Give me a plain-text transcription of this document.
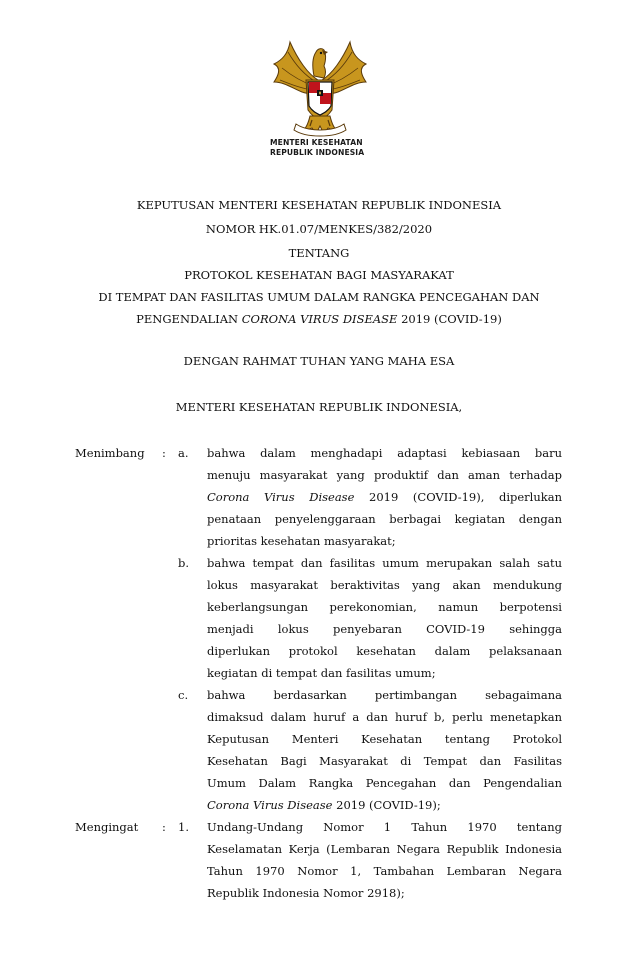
MENTERI KESEHATAN
REPUBLIK INDONESIA
KEPUTUSAN MENTERI KESEHATAN REPUBLIK INDONESIA
NOMOR HK.01.07/MENKES/382/2020
TENTANG
PROTOKOL KESEHATAN BAGI MASYARAKAT
DI TEMPAT DAN FASILITAS UMUM DALAM RANGKA PENCEGAHAN DAN
PENGENDALIAN CORONA VIRUS DISEASE 2019 (COVID-19)
DENGAN RAHMAT TUHAN YANG MAHA ESA
MENTERI KESEHATAN REPUBLIK INDONESIA,
Menimbang : a. bahwa dalam menghadapi adaptasi kebiasaan baru
menuju masyarakat yang produktif dan aman terhadap
Corona Virus Disease 2019 (COVID-19), diperlukan
penataan penyelenggaraan berbagai kegiatan dengan
prioritas kesehatan masyarakat;
b. bahwa tempat dan fasilitas umum merupakan salah satu
lokus masyarakat beraktivitas yang akan mendukung
keberlangsungan perekonomian, namun berpotensi
menjadi lokus penyebaran COVID-19 sehingga
diperlukan protokol kesehatan dalam pelaksanaan
kegiatan di tempat dan fasilitas umum;
c. bahwa berdasarkan pertimbangan sebagaimana
dimaksud dalam huruf a dan huruf b, perlu menetapkan
Keputusan Menteri Kesehatan tentang Protokol
Kesehatan Bagi Masyarakat di Tempat dan Fasilitas
Umum Dalam Rangka Pencegahan dan Pengendalian
Corona Virus Disease 2019 (COVID-19);
Mengingat : 1. Undang-Undang Nomor 1 Tahun 1970 tentang
Keselamatan Kerja (Lembaran Negara Republik Indonesia
Tahun 1970 Nomor 1, Tambahan Lembaran Negara
Republik Indonesia Nomor 2918);
